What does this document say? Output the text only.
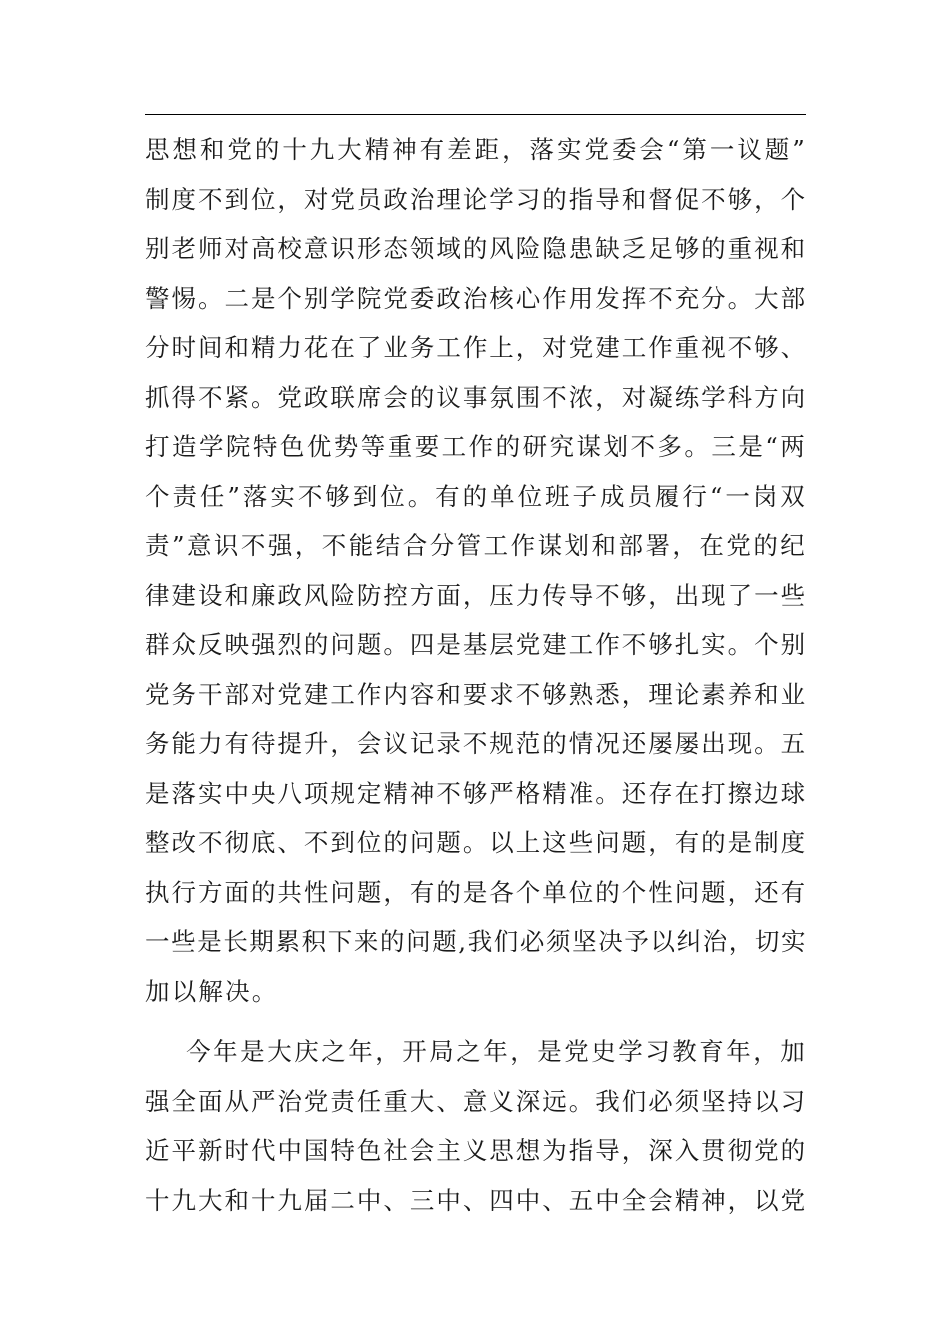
思想和党的十九大精神有差距，落实党委会“第一议题”
制度不到位，对党员政治理论学习的指导和督促不够，个
别老师对高校意识形态领域的风险隐患缺乏足够的重视和
警惕。二是个别学院党委政治核心作用发挥不充分。大部
分时间和精力花在了业务工作上，对党建工作重视不够、
抓得不紧。党政联席会的议事氛围不浓，对凝练学科方向
打造学院特色优势等重要工作的研究谋划不多。三是“两
个责任”落实不够到位。有的单位班子成员履行“一岗双
责”意识不强，不能结合分管工作谋划和部署，在党的纪
律建设和廉政风险防控方面，压力传导不够，出现了一些
群众反映强烈的问题。四是基层党建工作不够扎实。个别
党务干部对党建工作内容和要求不够熟悉，理论素养和业
务能力有待提升，会议记录不规范的情况还屡屡出现。五
是落实中央八项规定精神不够严格精准。还存在打擦边球
整改不彻底、不到位的问题。以上这些问题，有的是制度
执行方面的共性问题，有的是各个单位的个性问题，还有
一些是长期累积下来的问题,我们必须坚决予以纠治，切实
加以解决。
今年是大庆之年，开局之年，是党史学习教育年，加
强全面从严治党责任重大、意义深远。我们必须坚持以习
近平新时代中国特色社会主义思想为指导，深入贯彻党的
十九大和十九届二中、三中、四中、五中全会精神，以党
